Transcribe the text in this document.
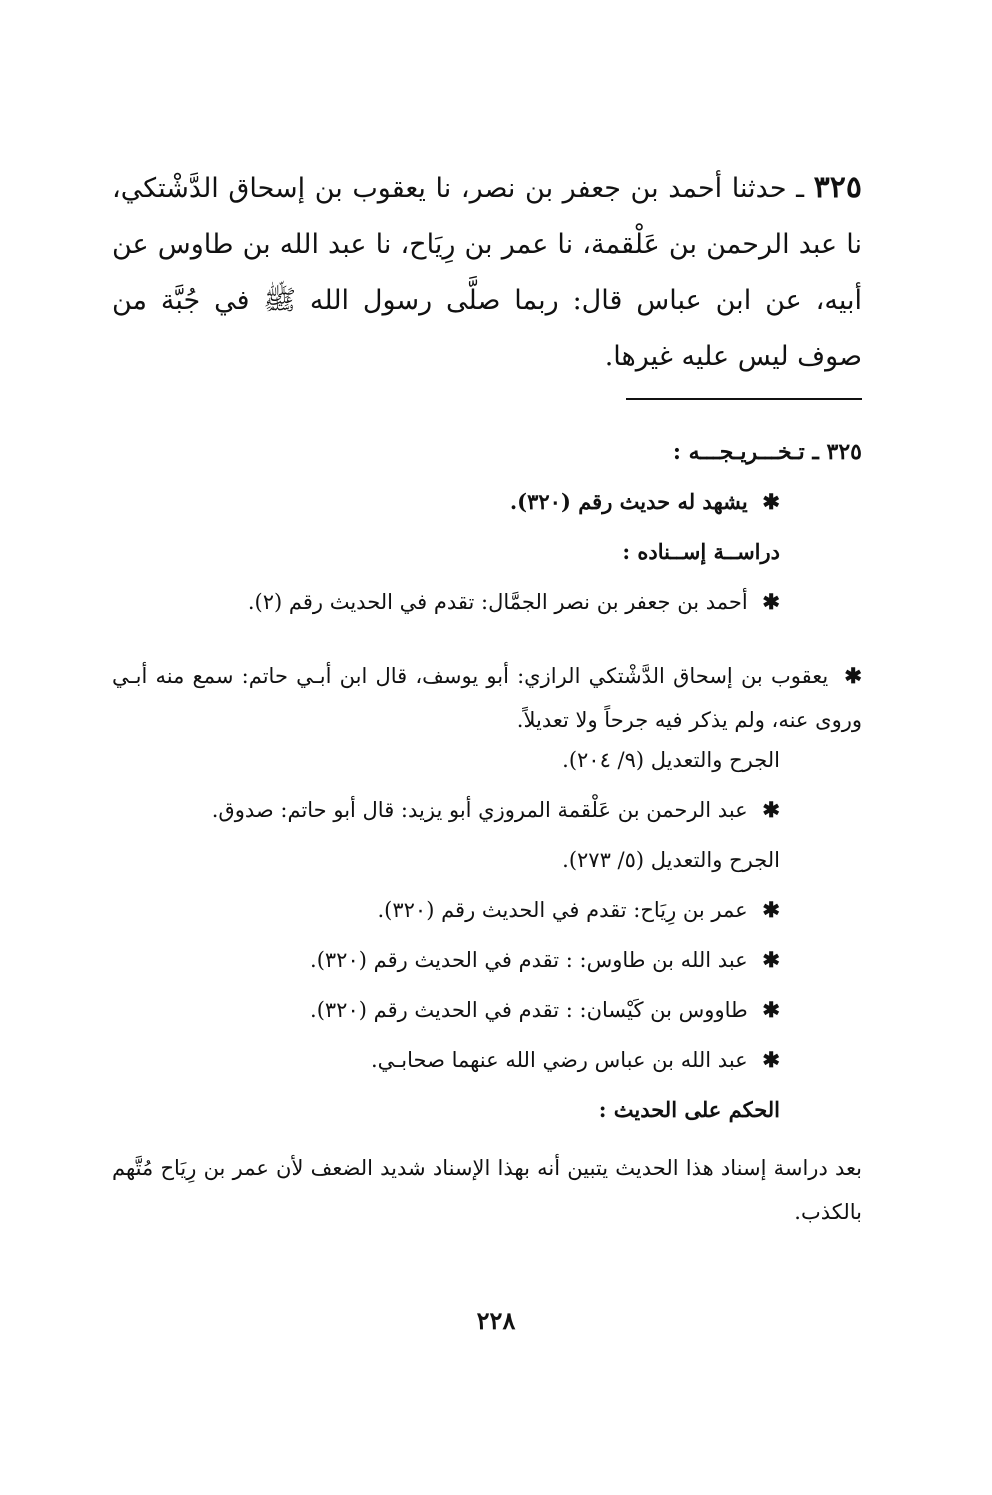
٣٢٥ ـ حدثنا أحمد بن جعفر بن نصر، نا يعقوب بن إسحاق الدَّشْتكي، نا عبد الرحمن بن عَلْقمة، نا عمر بن رِيَاح، نا عبد الله بن طاوس عن أبيه، عن ابن عباس قال: ربما صلَّى رسول الله ﷺ في جُبَّة من صوف ليس عليه غيرها.
٣٢٥ ـ تـخـــريـجـــه :

✱ يشهد له حديث رقم (٣٢٠).

دراســة إســناده :

✱ أحمد بن جعفر بن نصر الجمَّال: تقدم في الحديث رقم (٢).

✱ يعقوب بن إسحاق الدَّشْتكي الرازي: أبو يوسف، قال ابن أبـي حاتم: سمع منه أبـي وروى عنه، ولم يذكر فيه جرحاً ولا تعديلاً.

الجرح والتعديل (٩/ ٢٠٤).

✱ عبد الرحمن بن عَلْقمة المروزي أبو يزيد: قال أبو حاتم: صدوق.

الجرح والتعديل (٥/ ٢٧٣).

✱ عمر بن رِيَاح: تقدم في الحديث رقم (٣٢٠).

✱ عبد الله بن طاوس: : تقدم في الحديث رقم (٣٢٠).

✱ طاووس بن كَيْسان: : تقدم في الحديث رقم (٣٢٠).

✱ عبد الله بن عباس رضي الله عنهما صحابـي.

الحكم على الحديث :

بعد دراسة إسناد هذا الحديث يتبين أنه بهذا الإسناد شديد الضعف لأن عمر بن رِيَاح مُتَّهم بالكذب.
٢٢٨
